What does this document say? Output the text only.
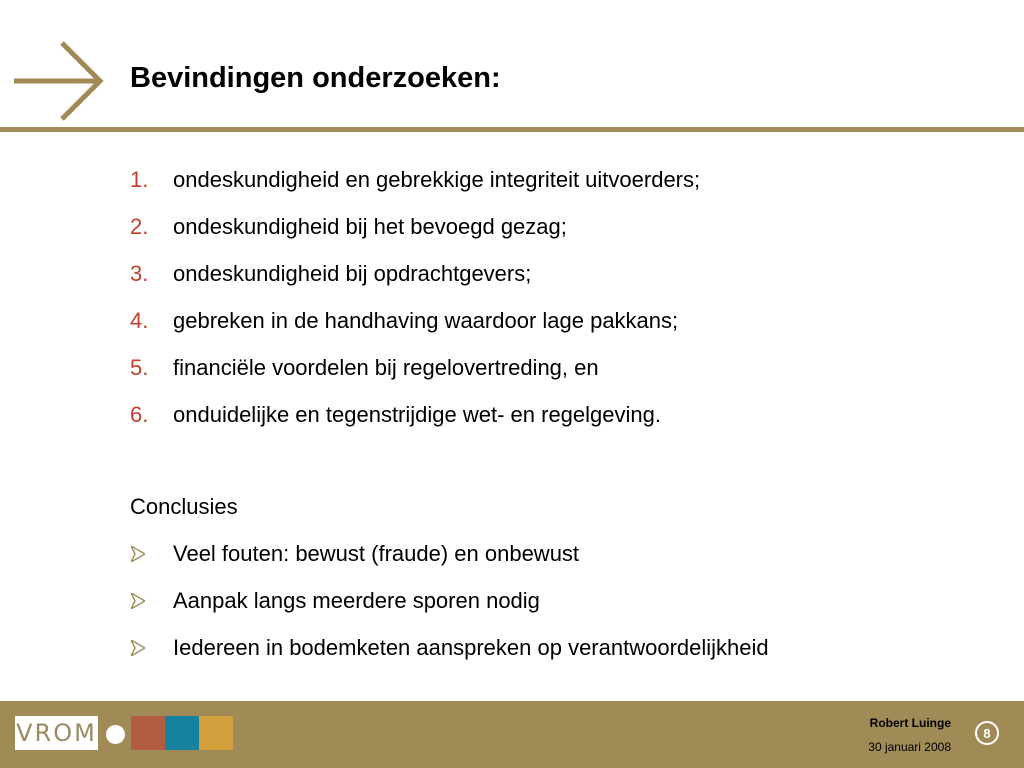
Bevindingen onderzoeken:
1. ondeskundigheid en gebrekkige integriteit uitvoerders;
2. ondeskundigheid bij het bevoegd gezag;
3. ondeskundigheid bij opdrachtgevers;
4. gebreken in de handhaving waardoor lage pakkans;
5. financiële voordelen bij regelovertreding, en
6. onduidelijke en tegenstrijdige wet- en regelgeving.
Conclusies
Veel fouten: bewust (fraude) en onbewust
Aanpak langs meerdere sporen nodig
Iedereen in bodemketen aanspreken op verantwoordelijkheid
VROM	Robert Luinge
30 januari 2008
8
